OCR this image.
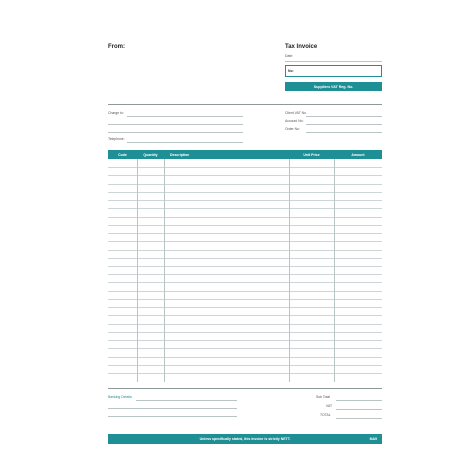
From:	Tax Invoice
Date:
No:
Suppliers VAT Reg. No.
Charge to:
Telephone:
Client VAT No.
Account No:
Order No:
Code	Quantity	Description	Unit Price	Amount
Banking Details:	Sub Total
VAT
TOTAL
Unless specifically stated, this invoice is strictly NETT.	MA5
